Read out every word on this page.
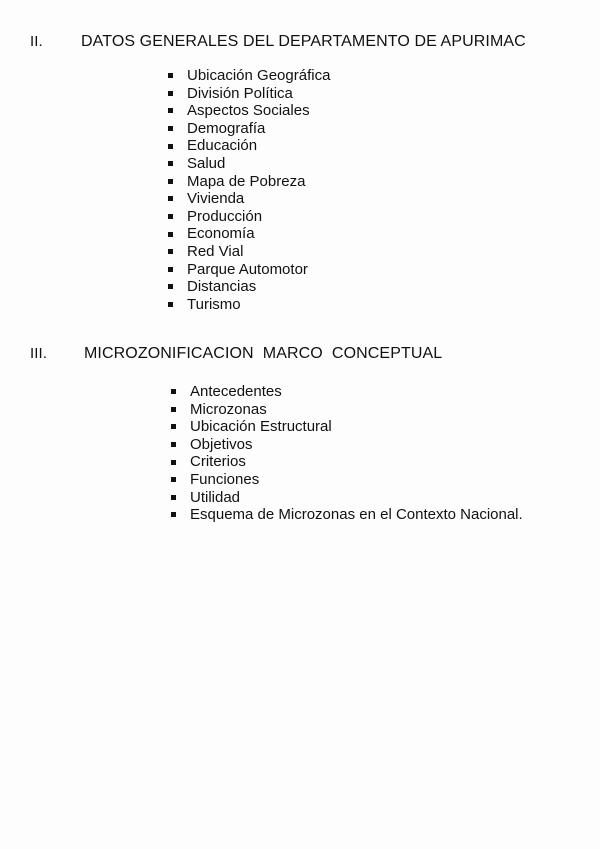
II.	DATOS GENERALES DEL DEPARTAMENTO DE APURIMAC
Ubicación Geográfica
División Política
Aspectos Sociales
Demografía
Educación
Salud
Mapa de Pobreza
Vivienda
Producción
Economía
Red Vial
Parque Automotor
Distancias
Turismo
III.	MICROZONIFICACION  MARCO  CONCEPTUAL
Antecedentes
Microzonas
Ubicación Estructural
Objetivos
Criterios
Funciones
Utilidad
Esquema de Microzonas en el Contexto Nacional.
